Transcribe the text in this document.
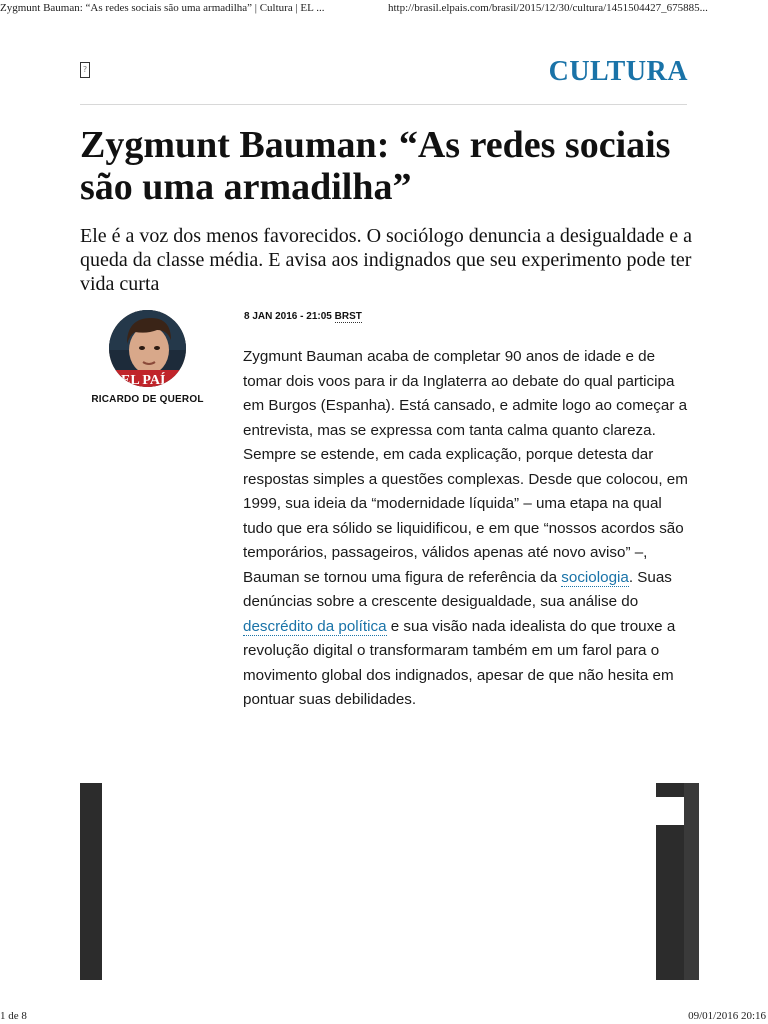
Zygmunt Bauman: “As redes sociais são uma armadilha” | Cultura | EL ...	http://brasil.elpais.com/brasil/2015/12/30/cultura/1451504427_675885...
?	CULTURA
Zygmunt Bauman: “As redes sociais são uma armadilha”
Ele é a voz dos menos favorecidos. O sociólogo denuncia a desigualdade e a queda da classe média. E avisa aos indignados que seu experimento pode ter vida curta
EL PAÍ
RICARDO DE QUEROL
8 JAN 2016 - 21:05 BRST

Zygmunt Bauman acaba de completar 90 anos de idade e de tomar dois voos para ir da Inglaterra ao debate do qual participa em Burgos (Espanha). Está cansado, e admite logo ao começar a entrevista, mas se expressa com tanta calma quanto clareza. Sempre se estende, em cada explicação, porque detesta dar respostas simples a questões complexas. Desde que colocou, em 1999, sua ideia da “modernidade líquida” – uma etapa na qual tudo que era sólido se liquidificou, e em que “nossos acordos são temporários, passageiros, válidos apenas até novo aviso” –, Bauman se tornou uma figura de referência da sociologia. Suas denúncias sobre a crescente desigualdade, sua análise do descrédito da política e sua visão nada idealista do que trouxe a revolução digital o transformaram também em um farol para o movimento global dos indignados, apesar de que não hesita em pontuar suas debilidades.

1 de 8	09/01/2016 20:16
